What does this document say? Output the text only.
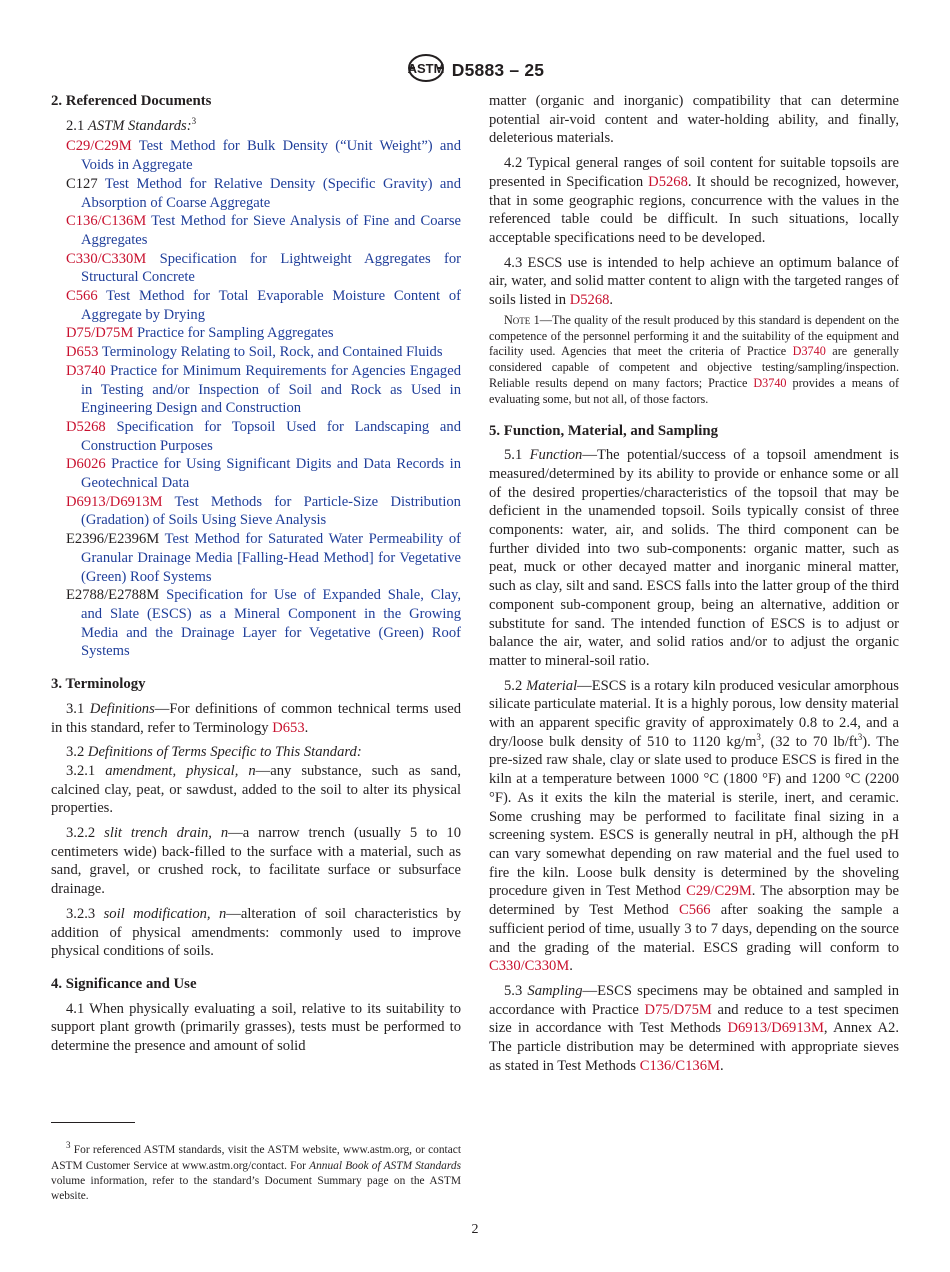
ASTM D5883 – 25
2. Referenced Documents

2.1 ASTM Standards:$^3$

C29/C29M Test Method for Bulk Density (“Unit Weight”) and Voids in Aggregate

C127 Test Method for Relative Density (Specific Gravity) and Absorption of Coarse Aggregate

C136/C136M Test Method for Sieve Analysis of Fine and Coarse Aggregates

C330/C330M Specification for Lightweight Aggregates for Structural Concrete

C566 Test Method for Total Evaporable Moisture Content of Aggregate by Drying

D75/D75M Practice for Sampling Aggregates

D653 Terminology Relating to Soil, Rock, and Contained Fluids

D3740 Practice for Minimum Requirements for Agencies Engaged in Testing and/or Inspection of Soil and Rock as Used in Engineering Design and Construction

D5268 Specification for Topsoil Used for Landscaping and Construction Purposes

D6026 Practice for Using Significant Digits and Data Records in Geotechnical Data

D6913/D6913M Test Methods for Particle-Size Distribution (Gradation) of Soils Using Sieve Analysis

E2396/E2396M Test Method for Saturated Water Permeability of Granular Drainage Media [Falling-Head Method] for Vegetative (Green) Roof Systems

E2788/E2788M Specification for Use of Expanded Shale, Clay, and Slate (ESCS) as a Mineral Component in the Growing Media and the Drainage Layer for Vegetative (Green) Roof Systems

3. Terminology

3.1 Definitions—For definitions of common technical terms used in this standard, refer to Terminology D653.

3.2 Definitions of Terms Specific to This Standard:

3.2.1 amendment, physical, n—any substance, such as sand, calcined clay, peat, or sawdust, added to the soil to alter its physical properties.

3.2.2 slit trench drain, n—a narrow trench (usually 5 to 10 centimeters wide) back-filled to the surface with a material, such as sand, gravel, or crushed rock, to facilitate surface or subsurface drainage.

3.2.3 soil modification, n—alteration of soil characteristics by addition of physical amendments: commonly used to improve physical conditions of soils.

4. Significance and Use

4.1 When physically evaluating a soil, relative to its suitability to support plant growth (primarily grasses), tests must be performed to determine the presence and amount of solid

$^3$ For referenced ASTM standards, visit the ASTM website, www.astm.org, or contact ASTM Customer Service at www.astm.org/contact. For Annual Book of ASTM Standards volume information, refer to the standard’s Document Summary page on the ASTM website.

matter (organic and inorganic) compatibility that can determine potential air-void content and water-holding ability, and finally, deleterious materials.

4.2 Typical general ranges of soil content for suitable topsoils are presented in Specification D5268. It should be recognized, however, that in some geographic regions, concurrence with the values in the referenced table could be difficult. In such situations, locally acceptable specifications need to be developed.

4.3 ESCS use is intended to help achieve an optimum balance of air, water, and solid matter content to align with the targeted ranges of soils listed in D5268.

Note 1—The quality of the result produced by this standard is dependent on the competence of the personnel performing it and the suitability of the equipment and facility used. Agencies that meet the criteria of Practice D3740 are generally considered capable of competent and objective testing/sampling/inspection. Reliable results depend on many factors; Practice D3740 provides a means of evaluating some, but not all, of those factors.

5. Function, Material, and Sampling

5.1 Function—The potential/success of a topsoil amendment is measured/determined by its ability to provide or enhance some or all of the desired properties/characteristics of the topsoil that may be deficient in the unamended topsoil. Soils typically consist of three components: water, air, and solids. The third component can be further divided into two sub-components: organic matter, such as peat, muck or other decayed matter and inorganic mineral matter, such as clay, silt and sand. ESCS falls into the latter group of the third component sub-component group, being an alternative, addition or substitute for sand. The intended function of ESCS is to adjust or balance the air, water, and solid ratios and/or to adjust the organic matter to mineral-soil ratio.

5.2 Material—ESCS is a rotary kiln produced vesicular amorphous silicate particulate material. It is a highly porous, low density material with an apparent specific gravity of approximately 0.8 to 2.4, and a dry/loose bulk density of 510 to 1120 $kg/m^3$, (32 to 70 $lb/ft^3$). The pre-sized raw shale, clay or slate used to produce ESCS is fired in the kiln at a temperature between 1000 °C (1800 °F) and 1200 °C (2200 °F). As it exits the kiln the material is sterile, inert, and ceramic. Some crushing may be performed to facilitate final sizing in a screening system. ESCS is generally neutral in pH, although the pH can vary somewhat depending on raw material and the fuel used to fire the kiln. Loose bulk density is determined by the shoveling procedure given in Test Method C29/C29M. The absorption may be determined by Test Method C566 after soaking the sample a sufficient period of time, usually 3 to 7 days, depending on the source and the grading of the material. ESCS grading will conform to C330/C330M.

5.3 Sampling—ESCS specimens may be obtained and sampled in accordance with Practice D75/D75M and reduce to a test specimen size in accordance with Test Methods D6913/D6913M, Annex A2. The particle distribution may be determined with appropriate sieves as stated in Test Methods C136/C136M.

2
